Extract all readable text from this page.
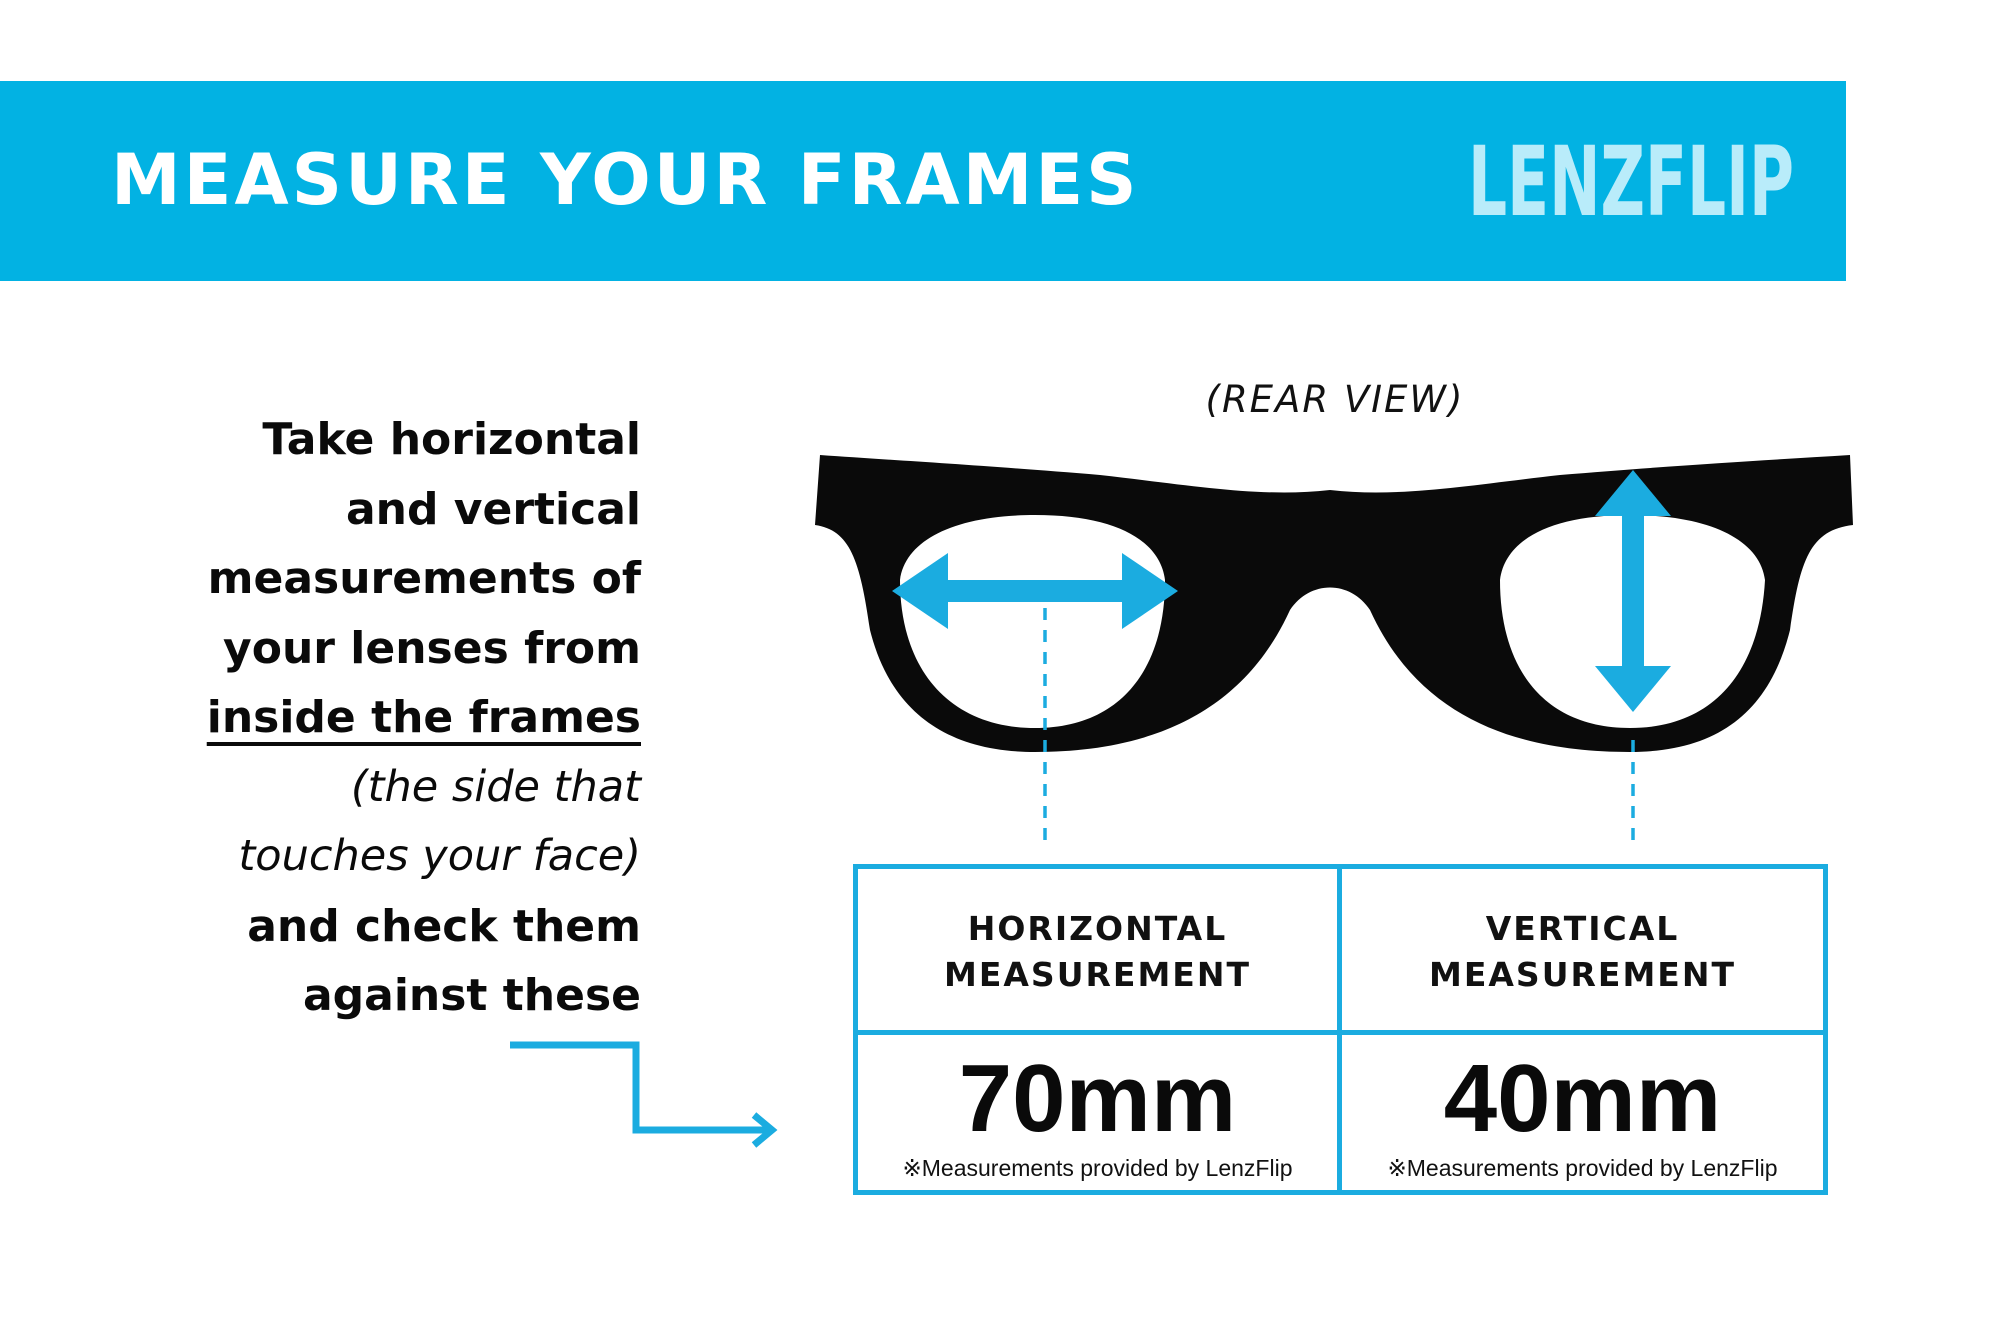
MEASURE YOUR FRAMES	LENZFLIP
Take horizontal
and vertical
measurements of
your lenses from
inside the frames
(the side that
touches your face)
and check them
against these
(REAR VIEW)
HORIZONTAL
MEASUREMENT
VERTICAL
MEASUREMENT
70mm
※Measurements provided by LenzFlip
40mm
※Measurements provided by LenzFlip
